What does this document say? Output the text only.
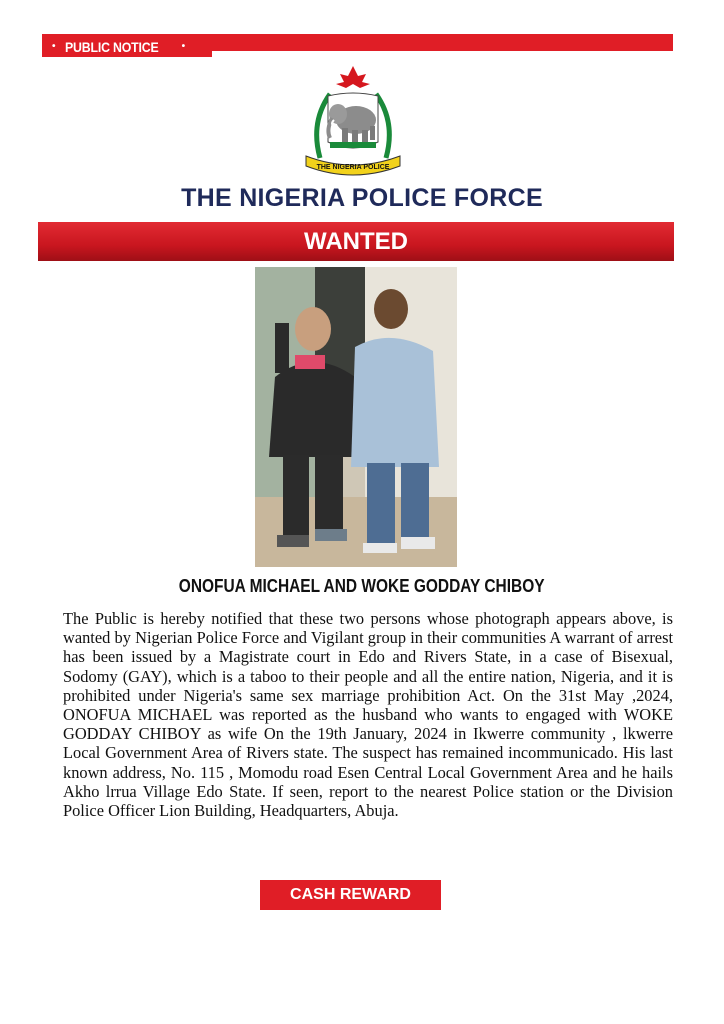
• PUBLIC NOTICE •
THE NIGERIA POLICE
THE NIGERIA POLICE FORCE
WANTED
ONOFUA MICHAEL AND WOKE GODDAY CHIBOY
The Public is hereby notified that these two persons whose photograph appears above, is wanted by Nigerian Police Force and Vigilant group in their communities A warrant of arrest has been issued by a Magistrate court in Edo and Rivers State, in a case of Bisexual, Sodomy (GAY), which is a taboo to their people and all the entire nation, Nigeria, and it is prohibited under Nigeria's same sex marriage prohibition Act. On the 31st May ,2024, ONOFUA MICHAEL was reported as the husband who wants to engaged with WOKE GODDAY CHIBOY as wife On the 19th January, 2024 in Ikwerre community , lkwerre Local Government Area of Rivers state. The suspect has remained incommunicado. His last known address, No. 115 , Momodu road Esen Central Local Government Area and he hails Akho lrrua Village Edo State. If seen, report to the nearest Police station or the Division Police Officer Lion Building, Headquarters, Abuja.
CASH REWARD
